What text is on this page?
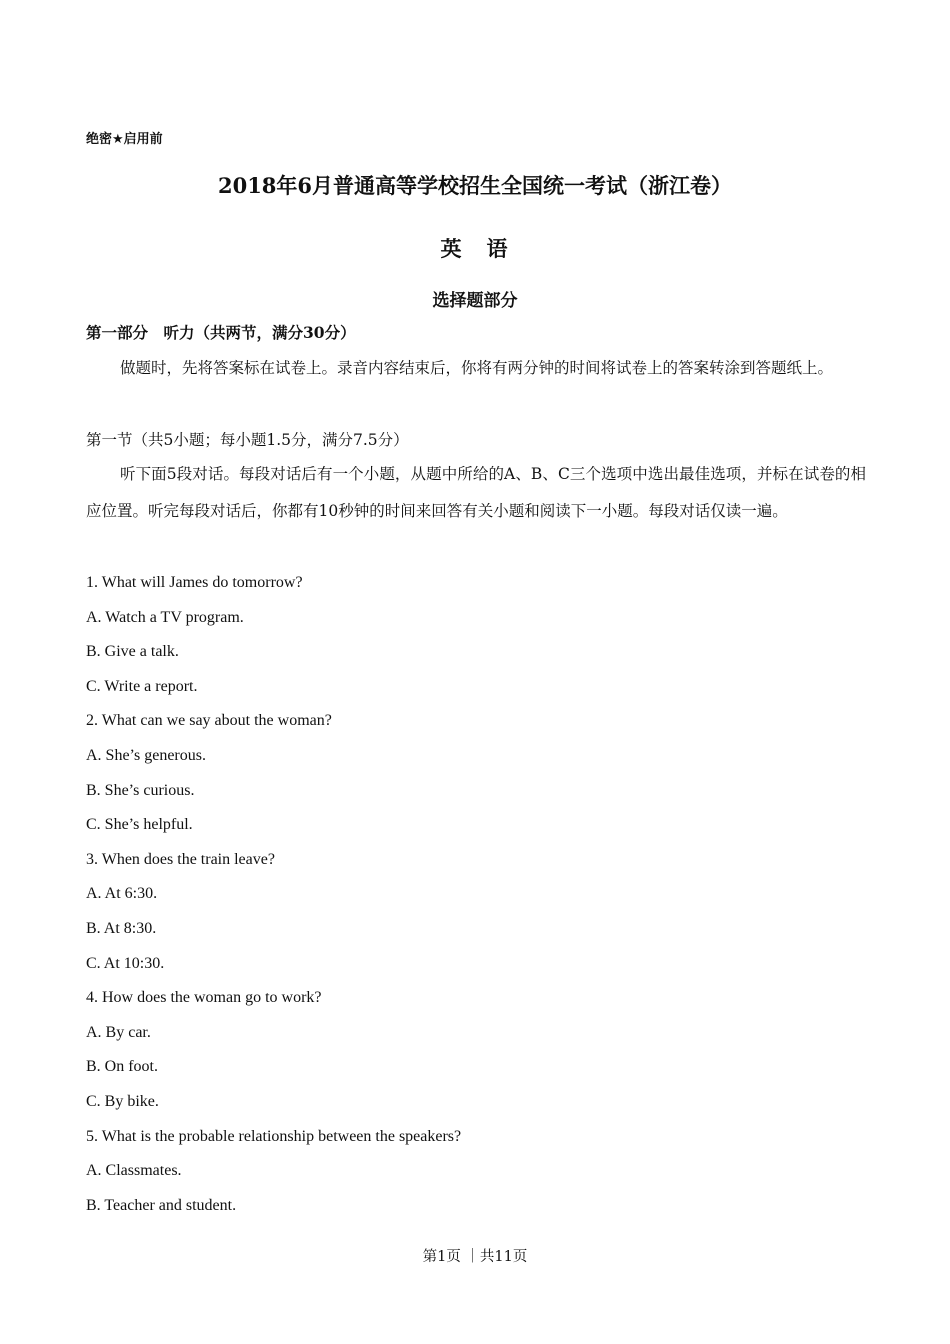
绝密★启用前
2018年6月普通高等学校招生全国统一考试（浙江卷）
英　语
选择题部分
第一部分　听力（共两节，满分30分）
做题时，先将答案标在试卷上。录音内容结束后，你将有两分钟的时间将试卷上的答案转涂到答题纸上。
第一节（共5小题；每小题1.5分，满分7.5分）
听下面5段对话。每段对话后有一个小题，从题中所给的A、B、C三个选项中选出最佳选项，并标在试卷的相应位置。听完每段对话后，你都有10秒钟的时间来回答有关小题和阅读下一小题。每段对话仅读一遍。
1. What will James do tomorrow?
A. Watch a TV program.
B. Give a talk.
C. Write a report.
2. What can we say about the woman?
A. She’s generous.
B. She’s curious.
C. She’s helpful.
3. When does the train leave?
A. At 6:30.
B. At 8:30.
C. At 10:30.
4. How does the woman go to work?
A. By car.
B. On foot.
C. By bike.
5. What is the probable relationship between the speakers?
A. Classmates.
B. Teacher and student.
第1页 ｜共11页
